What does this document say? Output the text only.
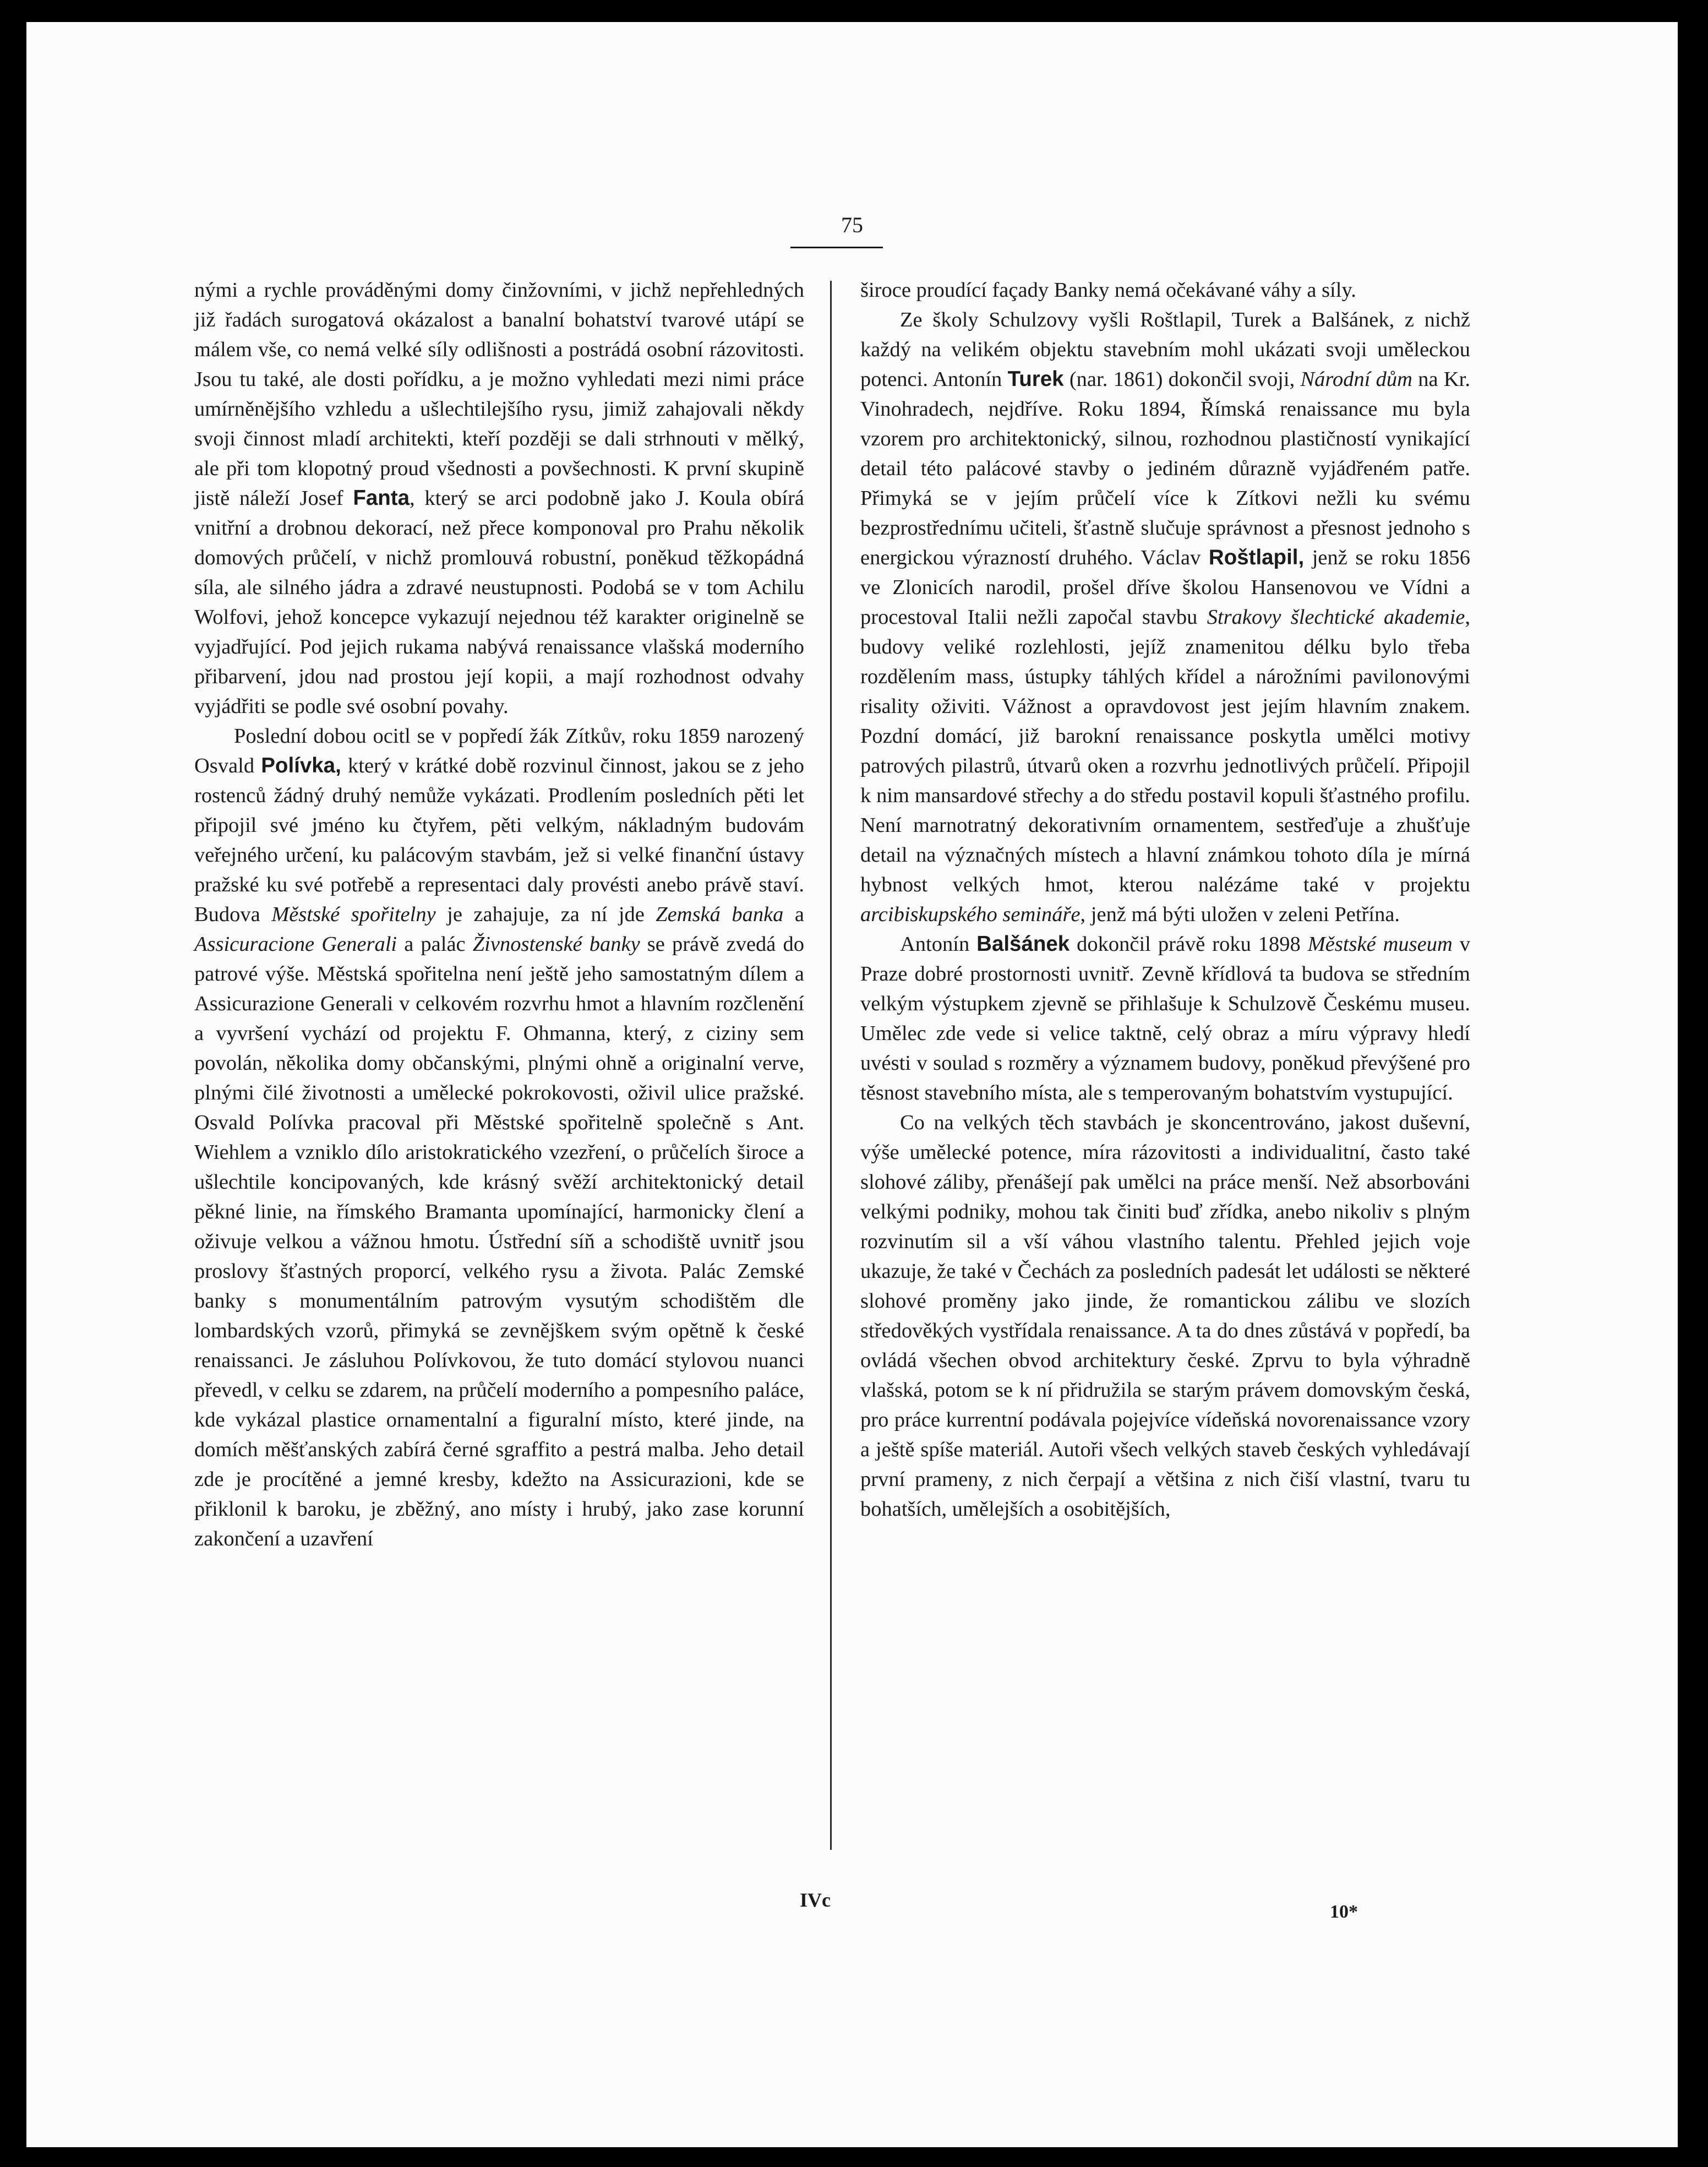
75

nými a rychle prováděnými domy činžovními, v jichž nepřehledných již řadách surogatová okázalost a banalní bohatství tvarové utápí se málem vše, co nemá velké síly odlišnosti a postrádá osobní rázovitosti. Jsou tu také, ale dosti pořídku, a je možno vyhledati mezi nimi práce umírněnějšího vzhledu a ušlechtilejšího rysu, jimiž zahajovali někdy svoji činnost mladí architekti, kteří později se dali strhnouti v mělký, ale při tom klopotný proud všednosti a povšechnosti. K první skupině jistě náleží Josef Fanta, který se arci podobně jako J. Koula obírá vnitřní a drobnou dekorací, než přece komponoval pro Prahu několik domových průčelí, v nichž promlouvá robustní, poněkud těžkopádná síla, ale silného jádra a zdravé neustupnosti. Podobá se v tom Achilu Wolfovi, jehož koncepce vykazují nejednou též karakter originelně se vyjadřující. Pod jejich rukama nabývá renaissance vlašská moderního přibarvení, jdou nad prostou její kopii, a mají rozhodnost odvahy vyjádřiti se podle své osobní povahy.

Poslední dobou ocitl se v popředí žák Zítkův, roku 1859 narozený Osvald Polívka, který v krátké době rozvinul činnost, jakou se z jeho rostenců žádný druhý nemůže vykázati. Prodlením posledních pěti let připojil své jméno ku čtyřem, pěti velkým, nákladným budovám veřejného určení, ku palácovým stavbám, jež si velké finanční ústavy pražské ku své potřebě a representaci daly provésti anebo právě staví. Budova Městské spořitelny je zahajuje, za ní jde Zemská banka a Assicuracione Generali a palác Živnostenské banky se právě zvedá do patrové výše. Městská spořitelna není ještě jeho samostatným dílem a Assicurazione Generali v celkovém rozvrhu hmot a hlavním rozčlenění a vyvršení vychází od projektu F. Ohmanna, který, z ciziny sem povolán, několika domy občanskými, plnými ohně a originalní verve, plnými čilé životnosti a umělecké pokrokovosti, oživil ulice pražské. Osvald Polívka pracoval při Městské spořitelně společně s Ant. Wiehlem a vzniklo dílo aristokratického vzezření, o průčelích široce a ušlechtile koncipovaných, kde krásný svěží architektonický detail pěkné linie, na římského Bramanta upomínající, harmonicky člení a oživuje velkou a vážnou hmotu. Ústřední síň a schodiště uvnitř jsou proslovy šťastných proporcí, velkého rysu a života. Palác Zemské banky s monumentálním patrovým vysutým schodištěm dle lombardských vzorů, přimyká se zevnějškem svým opětně k české renaissanci. Je zásluhou Polívkovou, že tuto domácí stylovou nuanci převedl, v celku se zdarem, na průčelí moderního a pompesního paláce, kde vykázal plastice ornamentalní a figuralní místo, které jinde, na domích měšťanských zabírá černé sgraffito a pestrá malba. Jeho detail zde je procítěné a jemné kresby, kdežto na Assicurazioni, kde se přiklonil k baroku, je zběžný, ano místy i hrubý, jako zase korunní zakončení a uzavření

široce proudící façady Banky nemá očekávané váhy a síly.

Ze školy Schulzovy vyšli Roštlapil, Turek a Balšánek, z nichž každý na velikém objektu stavebním mohl ukázati svoji uměleckou potenci. Antonín Turek (nar. 1861) dokončil svoji, Národní dům na Kr. Vinohradech, nejdříve. Roku 1894, Římská renaissance mu byla vzorem pro architektonický, silnou, rozhodnou plastičností vynikající detail této palácové stavby o jediném důrazně vyjádřeném patře. Přimyká se v jejím průčelí více k Zítkovi nežli ku svému bezprostřednímu učiteli, šťastně slučuje správnost a přesnost jednoho s energickou výrazností druhého. Václav Roštlapil, jenž se roku 1856 ve Zlonicích narodil, prošel dříve školou Hansenovou ve Vídni a procestoval Italii nežli započal stavbu Strakovy šlechtické akademie, budovy veliké rozlehlosti, jejíž znamenitou délku bylo třeba rozdělením mass, ústupky táhlých křídel a nárožními pavilonovými risality oživiti. Vážnost a opravdovost jest jejím hlavním znakem. Pozdní domácí, již barokní renaissance poskytla umělci motivy patrových pilastrů, útvarů oken a rozvrhu jednotlivých průčelí. Připojil k nim mansardové střechy a do středu postavil kopuli šťastného profilu. Není marnotratný dekorativním ornamentem, sestřeďuje a zhušťuje detail na význačných místech a hlavní známkou tohoto díla je mírná hybnost velkých hmot, kterou nalézáme také v projektu arcibiskupského semináře, jenž má býti uložen v zeleni Petřína.

Antonín Balšánek dokončil právě roku 1898 Městské museum v Praze dobré prostornosti uvnitř. Zevně křídlová ta budova se středním velkým výstupkem zjevně se přihlašuje k Schulzově Českému museu. Umělec zde vede si velice taktně, celý obraz a míru výpravy hledí uvésti v soulad s rozměry a významem budovy, poněkud převýšené pro těsnost stavebního místa, ale s temperovaným bohatstvím vystupující.

Co na velkých těch stavbách je skoncentrováno, jakost duševní, výše umělecké potence, míra rázovitosti a individualitní, často také slohové záliby, přenášejí pak umělci na práce menší. Než absorbováni velkými podniky, mohou tak činiti buď zřídka, anebo nikoliv s plným rozvinutím sil a vší váhou vlastního talentu. Přehled jejich voje ukazuje, že také v Čechách za posledních padesát let události se některé slohové proměny jako jinde, že romantickou zálibu ve slozích středověkých vystřídala renaissance. A ta do dnes zůstává v popředí, ba ovládá všechen obvod architektury české. Zprvu to byla výhradně vlašská, potom se k ní přidružila se starým právem domovským česká, pro práce kurrentní podávala pojejvíce vídeňská novorenaissance vzory a ještě spíše materiál. Autoři všech velkých staveb českých vyhledávají první prameny, z nich čerpají a většina z nich čiší vlastní, tvaru tu bohatších, umělejších a osobitějších,

IVc
10*
